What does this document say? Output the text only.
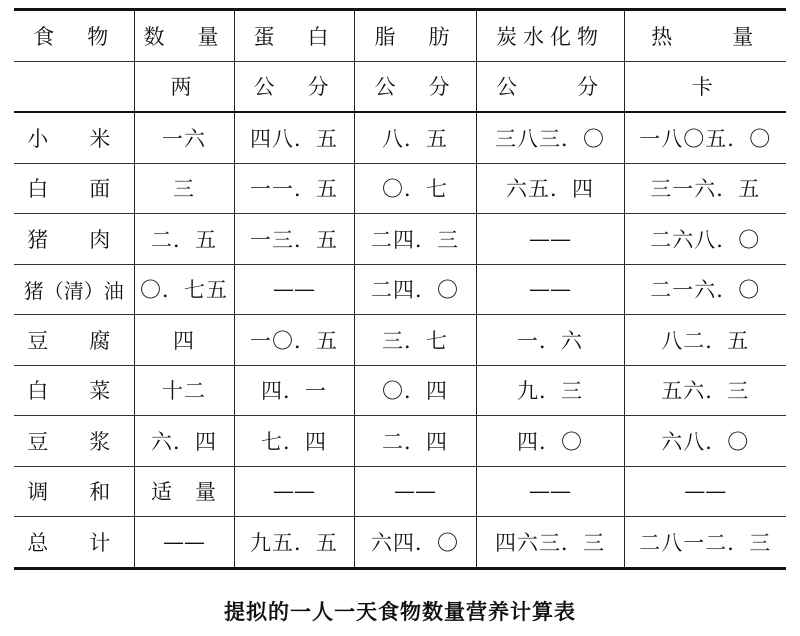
食　物	数　量	蛋　白	脂　肪	炭水化物	热　　量
	两	公　分	公　分	公　　分	卡
小　米	一六	四八．五	八．五	三八三．〇	一八〇五．〇
白　面	三	一一．五	〇．七	六五．四	三一六．五
猪　肉	二．五	一三．五	二四．三	——	二六八．〇
猪（清）油	〇．七五	——	二四．〇	——	二一六．〇
豆　腐	四	一〇．五	三．七	一．六	八二．五
白　菜	十二	四．一	〇．四	九．三	五六．三
豆　浆	六．四	七．四	二．四	四．〇	六八．〇
调　和	适　量	——	——	——	——
总　计	——	九五．五	六四．〇	四六三．三	二八一二．三
提拟的一人一天食物数量营养计算表
